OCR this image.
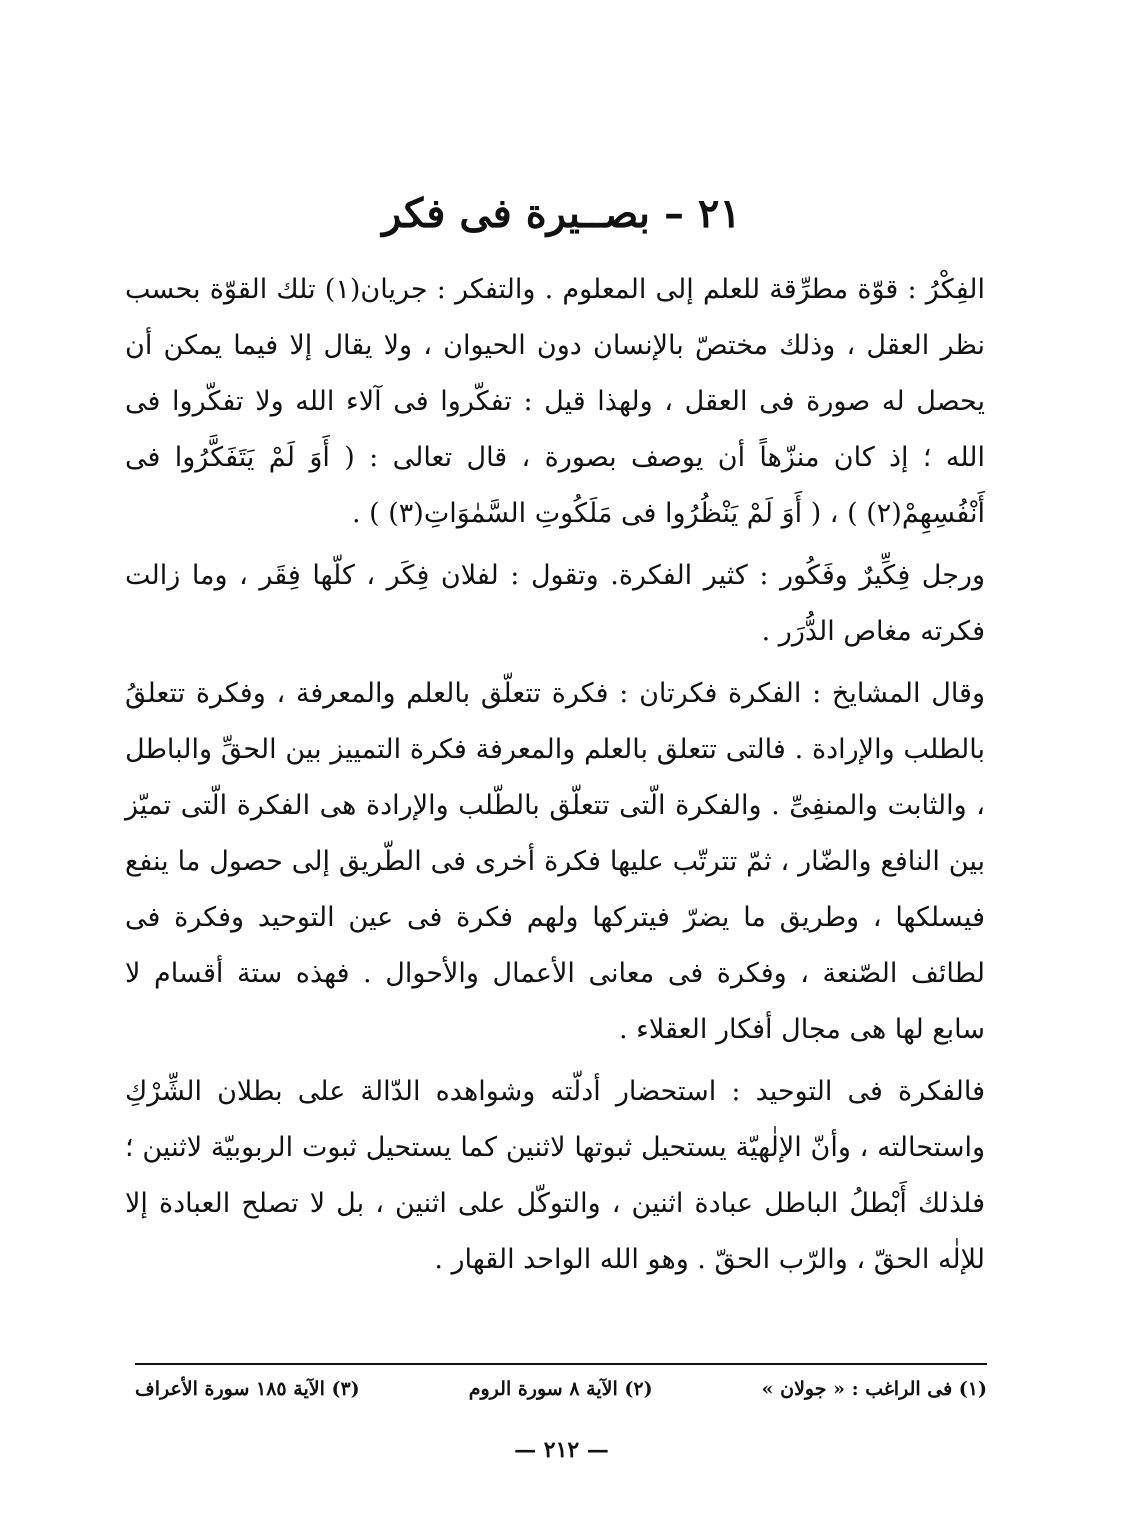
٢١ – بصــيرة فى فكر

الفِكْرُ : قوّة مطرِّقة للعلم إلى المعلوم . والتفكر : جريان(١) تلك القوّة بحسب نظر العقل ، وذلك مختصّ بالإنسان دون الحيوان ، ولا يقال إلا فيما يمكن أن يحصل له صورة فى العقل ، ولهذا قيل : تفكّروا فى آلاء الله ولا تفكّروا فى الله ؛ إذ كان منزّهاً أن يوصف بصورة ، قال تعالى : ( أَوَ لَمْ يَتَفَكَّرُوا فى أَنْفُسِهِمْ(٢) ) ، ( أَوَ لَمْ يَنْظُرُوا فى مَلَكُوتِ السَّمٰوَاتِ(٣) ) .

ورجل فِكِّيرٌ وفَكُور : كثير الفكرة. وتقول : لفلان فِكَر ، كلّها فِقَر ، وما زالت فكرته مغاص الدُّرَر .

وقال المشايخ : الفكرة فكرتان : فكرة تتعلّق بالعلم والمعرفة ، وفكرة تتعلقُ بالطلب والإرادة . فالتى تتعلق بالعلم والمعرفة فكرة التمييز بين الحقِّ والباطل ، والثابت والمنفِىِّ . والفكرة الّتى تتعلّق بالطّلب والإرادة هى الفكرة الّتى تميّز بين النافع والضّار ، ثمّ تترتّب عليها فكرة أخرى فى الطّريق إلى حصول ما ينفع فيسلكها ، وطريق ما يضرّ فيتركها ولهم فكرة فى عين التوحيد وفكرة فى لطائف الصّنعة ، وفكرة فى معانى الأعمال والأحوال . فهذه ستة أقسام لا سابع لها هى مجال أفكار العقلاء .

فالفكرة فى التوحيد : استحضار أدلّته وشواهده الدّالة على بطلان الشِّرْكِ واستحالته ، وأنّ الإلٰهيّة يستحيل ثبوتها لاثنين كما يستحيل ثبوت الربوبيّة لاثنين ؛ فلذلك أَبْطلُ الباطل عبادة اثنين ، والتوكّل على اثنين ، بل لا تصلح العبادة إلا للإلٰه الحقّ ، والرّب الحقّ . وهو الله الواحد القهار .

(١) فى الراغب : « جولان »
(٢) الآية ٨ سورة الروم
(٣) الآية ١٨٥ سورة الأعراف
— ٢١٢ —
